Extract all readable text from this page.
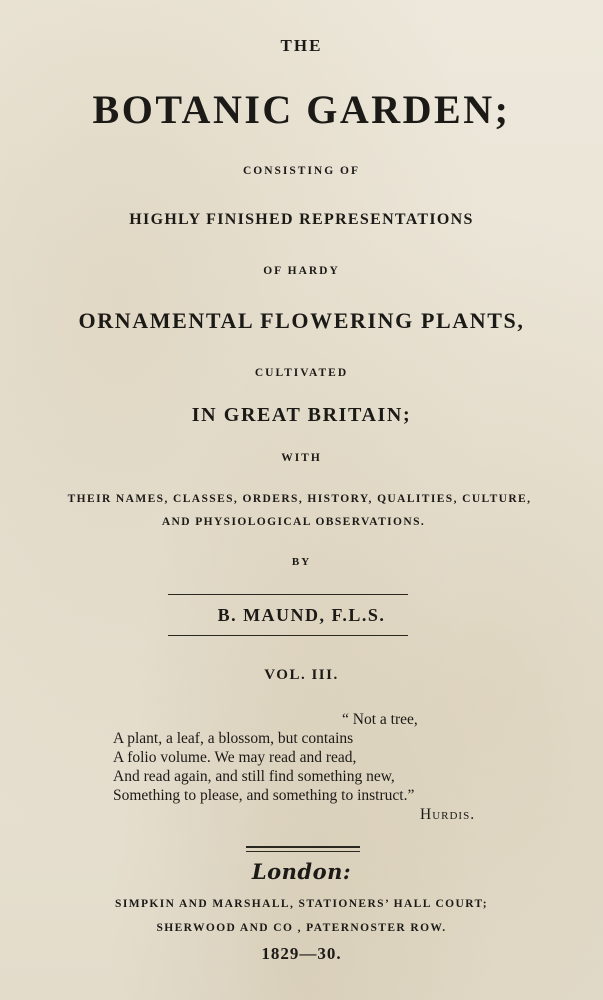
THE
BOTANIC GARDEN;
CONSISTING OF
HIGHLY FINISHED REPRESENTATIONS
OF HARDY
ORNAMENTAL FLOWERING PLANTS,
CULTIVATED
IN GREAT BRITAIN;
WITH
THEIR NAMES, CLASSES, ORDERS, HISTORY, QUALITIES, CULTURE,
AND PHYSIOLOGICAL OBSERVATIONS.
BY
B. MAUND, F.L.S.
VOL. III.
“ Not a tree,
A plant, a leaf, a blossom, but contains
A folio volume. We may read and read,
And read again, and still find something new,
Something to please, and something to instruct.”
Hurdis.
London:
SIMPKIN AND MARSHALL, STATIONERS’ HALL COURT;
SHERWOOD AND CO , PATERNOSTER ROW.
1829—30.
